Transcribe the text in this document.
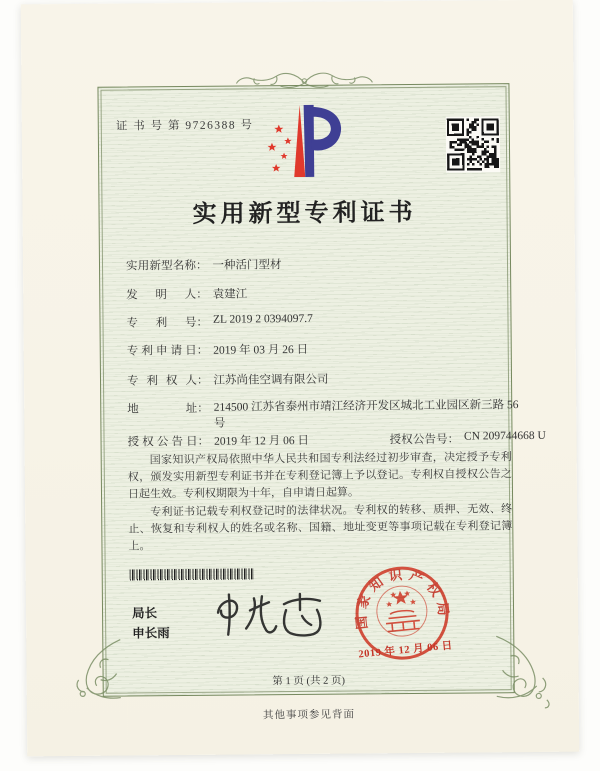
证 书 号 第 9726388 号
实用新型专利证书
实用新型名称： 一种活门型材
发明人： 袁建江
专利号： ZL 2019 2 0394097.7
专利申请日： 2019 年 03 月 26 日
专利权人： 江苏尚佳空调有限公司
地址： 214500 江苏省泰州市靖江经济开发区城北工业园区新三路 56 号
授权公告日： 2019 年 12 月 06 日	授权公告号： CN 209744668 U

国家知识产权局依照中华人民共和国专利法经过初步审查，决定授予专利权，颁发实用新型专利证书并在专利登记簿上予以登记。专利权自授权公告之日起生效。专利权期限为十年，自申请日起算。

专利证书记载专利权登记时的法律状况。专利权的转移、质押、无效、终止、恢复和专利权人的姓名或名称、国籍、地址变更等事项记载在专利登记簿上。

局长
申长雨
国家知识产权局
2019 年 12 月 06 日
第 1 页 (共 2 页)
其他事项参见背面
